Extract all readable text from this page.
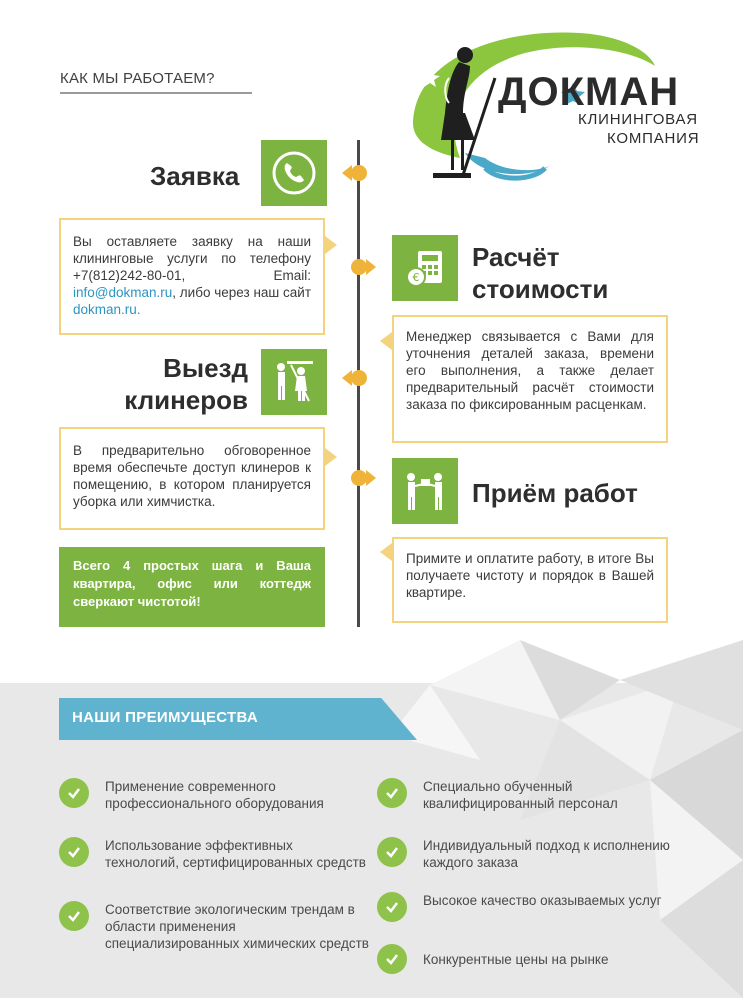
КАК МЫ РАБОТАЕМ?	ДОКМАН
КЛИНИНГОВАЯ
КОМПАНИЯ
Заявка
Вы оставляете заявку на наши клининговые услуги по телефону +7(812)242-80-01, Email: info@dokman.ru, либо через наш сайт dokman.ru.
€
Расчёт
стоимости
Менеджер связывается с Вами для уточнения деталей заказа, времени его выполнения, а также делает предварительный расчёт стоимости заказа по фиксированным расценкам.
Выезд
клинеров
В предварительно обговоренное время обеспечьте доступ клинеров к помещению, в котором планируется уборка или химчистка.	Приём работ
Примите и оплатите работу, в итоге Вы получаете чистоту и порядок в Вашей квартире.
Всего 4 простых шага и Ваша квартира, офис или коттедж сверкают чистотой!
НАШИ ПРЕИМУЩЕСТВА
Применение современного профессионального оборудования
Использование эффективных технологий, сертифицированных средств
Соответствие экологическим трендам в области применения специализированных химических средств
Специально обученный квалифицированный персонал
Индивидуальный подход к исполнению каждого заказа
Высокое качество оказываемых услуг
Конкурентные цены на рынке
